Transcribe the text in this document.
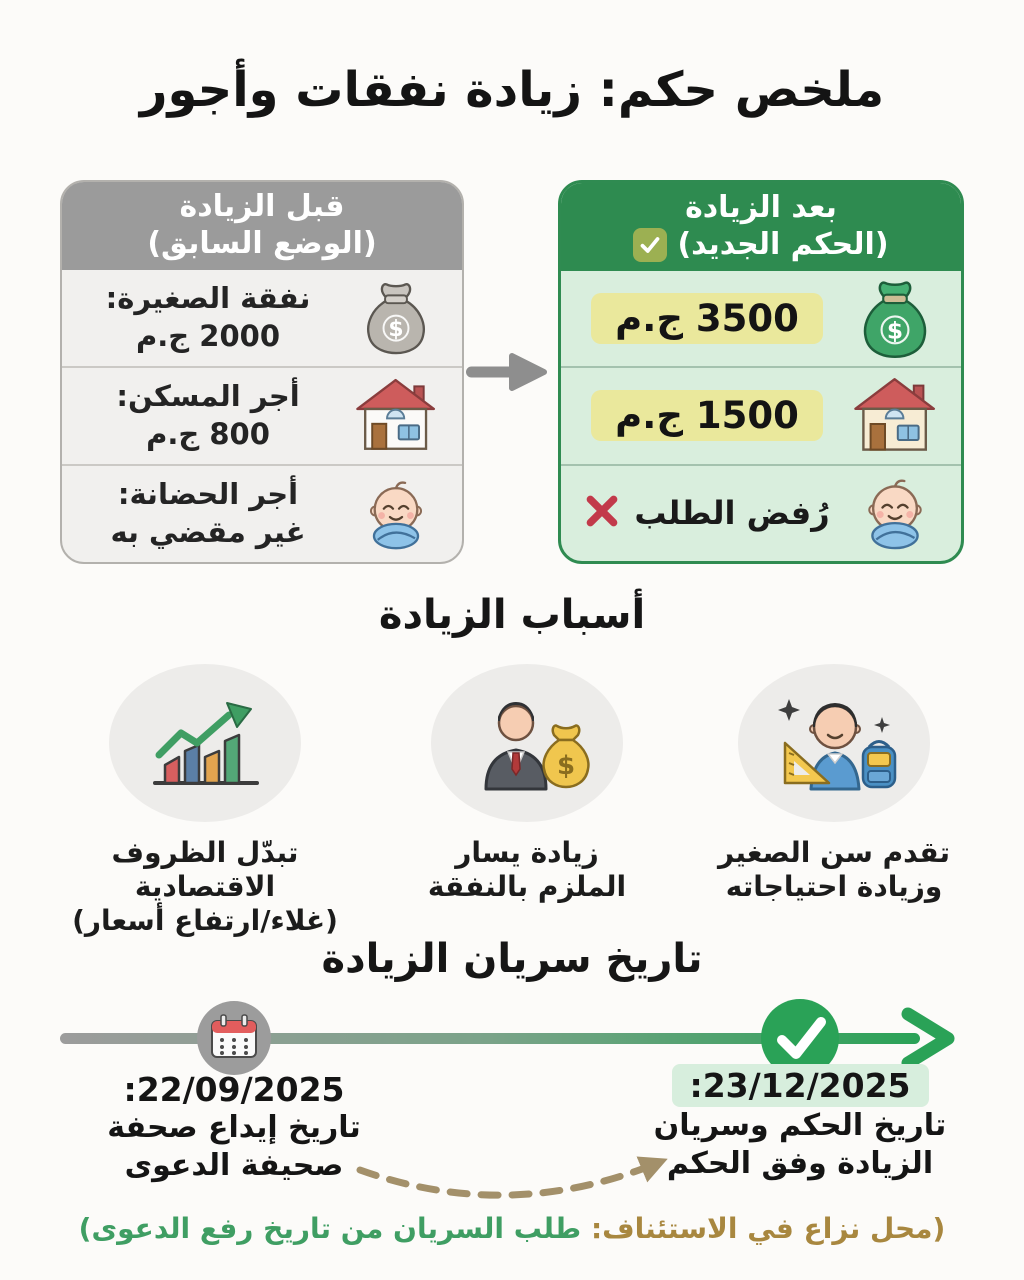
ملخص حكم: زيادة نفقات وأجور
قبل الزيادة
(الوضع السابق)
$
نفقة الصغيرة:
2000 ج.م
أجر المسكن:
800 ج.م
أجر الحضانة:
غير مقضي به
بعد الزيادة
(الحكم الجديد)
$
3500 ج.م
1500 ج.م
رُفض الطلب
أسباب الزيادة
تبدّل الظروف
الاقتصادية
(غلاء/ارتفاع أسعار)
$
زيادة يسار
الملزم بالنفقة
تقدم سن الصغير
وزيادة احتياجاته
تاريخ سريان الزيادة
22/09/2025:
تاريخ إيداع صحفة
صحيفة الدعوى
23/12/2025:
تاريخ الحكم وسريان
الزيادة وفق الحكم
(محل نزاع في الاستئناف: طلب السريان من تاريخ رفع الدعوى)
